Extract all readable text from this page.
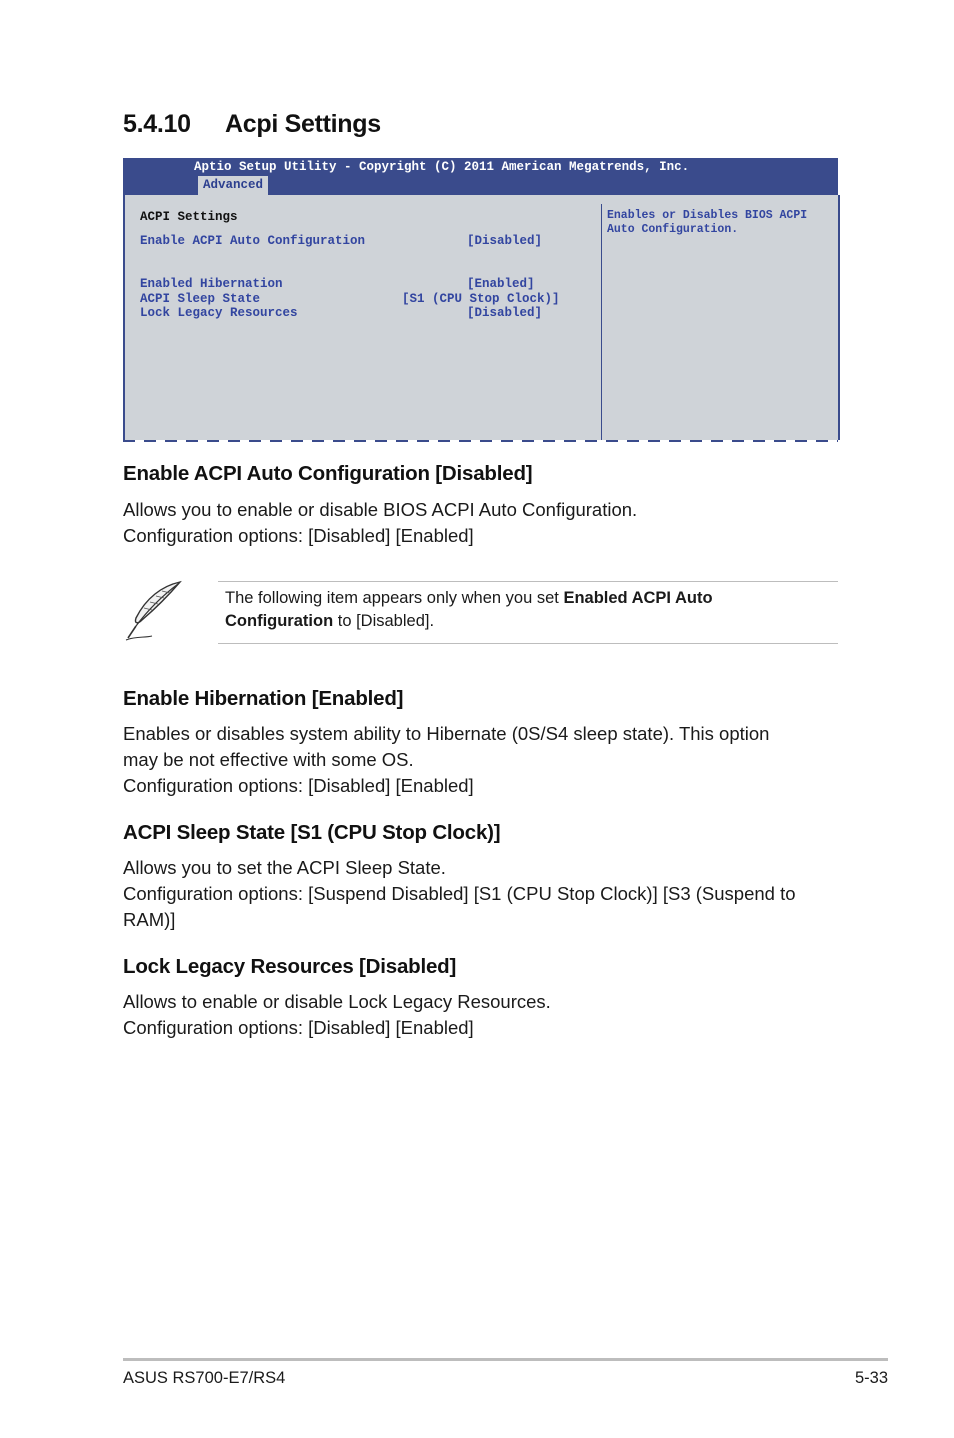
5.4.10 Acpi Settings
Aptio Setup Utility - Copyright (C) 2011 American Megatrends, Inc.
Advanced
ACPI Settings
Enable ACPI Auto Configuration	[Disabled]
Enabled Hibernation	[Enabled]
ACPI Sleep State	[S1 (CPU Stop Clock)]
Lock Legacy Resources	[Disabled]
Enables or Disables BIOS ACPI
Auto Configuration.
Enable ACPI Auto Configuration [Disabled]
Allows you to enable or disable BIOS ACPI Auto Configuration.
Configuration options: [Disabled] [Enabled]
The following item appears only when you set Enabled ACPI Auto
Configuration to [Disabled].
Enable Hibernation [Enabled]
Enables or disables system ability to Hibernate (0S/S4 sleep state). This option
may be not effective with some OS.
Configuration options: [Disabled] [Enabled]
ACPI Sleep State [S1 (CPU Stop Clock)]
Allows you to set the ACPI Sleep State.
Configuration options: [Suspend Disabled] [S1 (CPU Stop Clock)] [S3 (Suspend to
RAM)]
Lock Legacy Resources [Disabled]
Allows to enable or disable Lock Legacy Resources.
Configuration options: [Disabled] [Enabled]
ASUS RS700-E7/RS4	5-33
